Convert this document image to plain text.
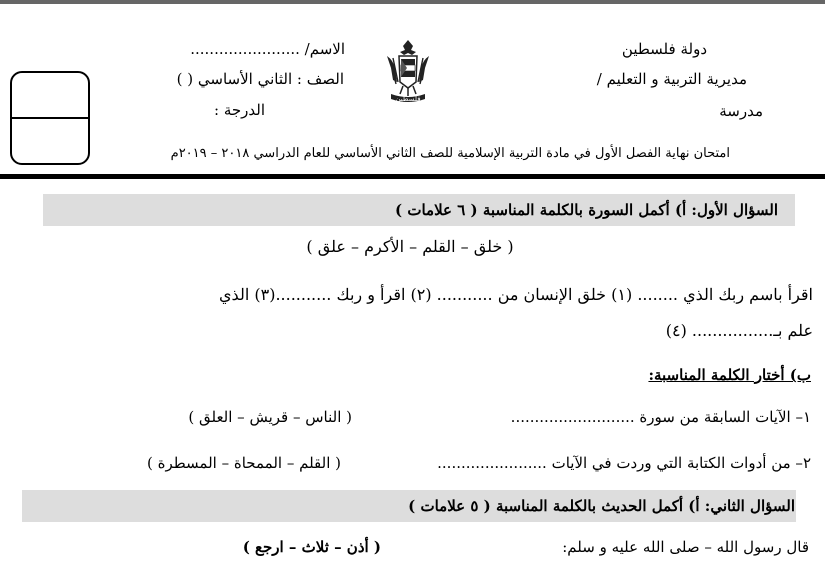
دولة فلسطين
مديرية التربية و التعليم /
مدرسة
فلسطين
الاسم/ .......................
الصف : الثاني الأساسي ( )
الدرجة :
امتحان نهاية الفصل الأول في مادة التربية الإسلامية للصف الثاني الأساسي للعام الدراسي ٢٠١٨ – ٢٠١٩م
السؤال الأول: أ) أكمل السورة بالكلمة المناسبة ( ٦ علامات )
( خلق – القلم – الأكرم – علق )
اقرأ باسم ربك الذي ........ (١) خلق الإنسان من ........... (٢) اقرأ و ربك ...........(٣) الذي
علم بـ................ (٤)
ب) أختار الكلمة المناسبة:
١– الآيات السابقة من سورة ..........................
( الناس – قريش – العلق )
٢– من أدوات الكتابة التي وردت في الآيات .......................
( القلم – الممحاة – المسطرة )
السؤال الثاني: أ) أكمل الحديث بالكلمة المناسبة ( ٥ علامات )
قال رسول الله – صلى الله عليه و سلم:
( أذن – ثلاث – ارجع )
